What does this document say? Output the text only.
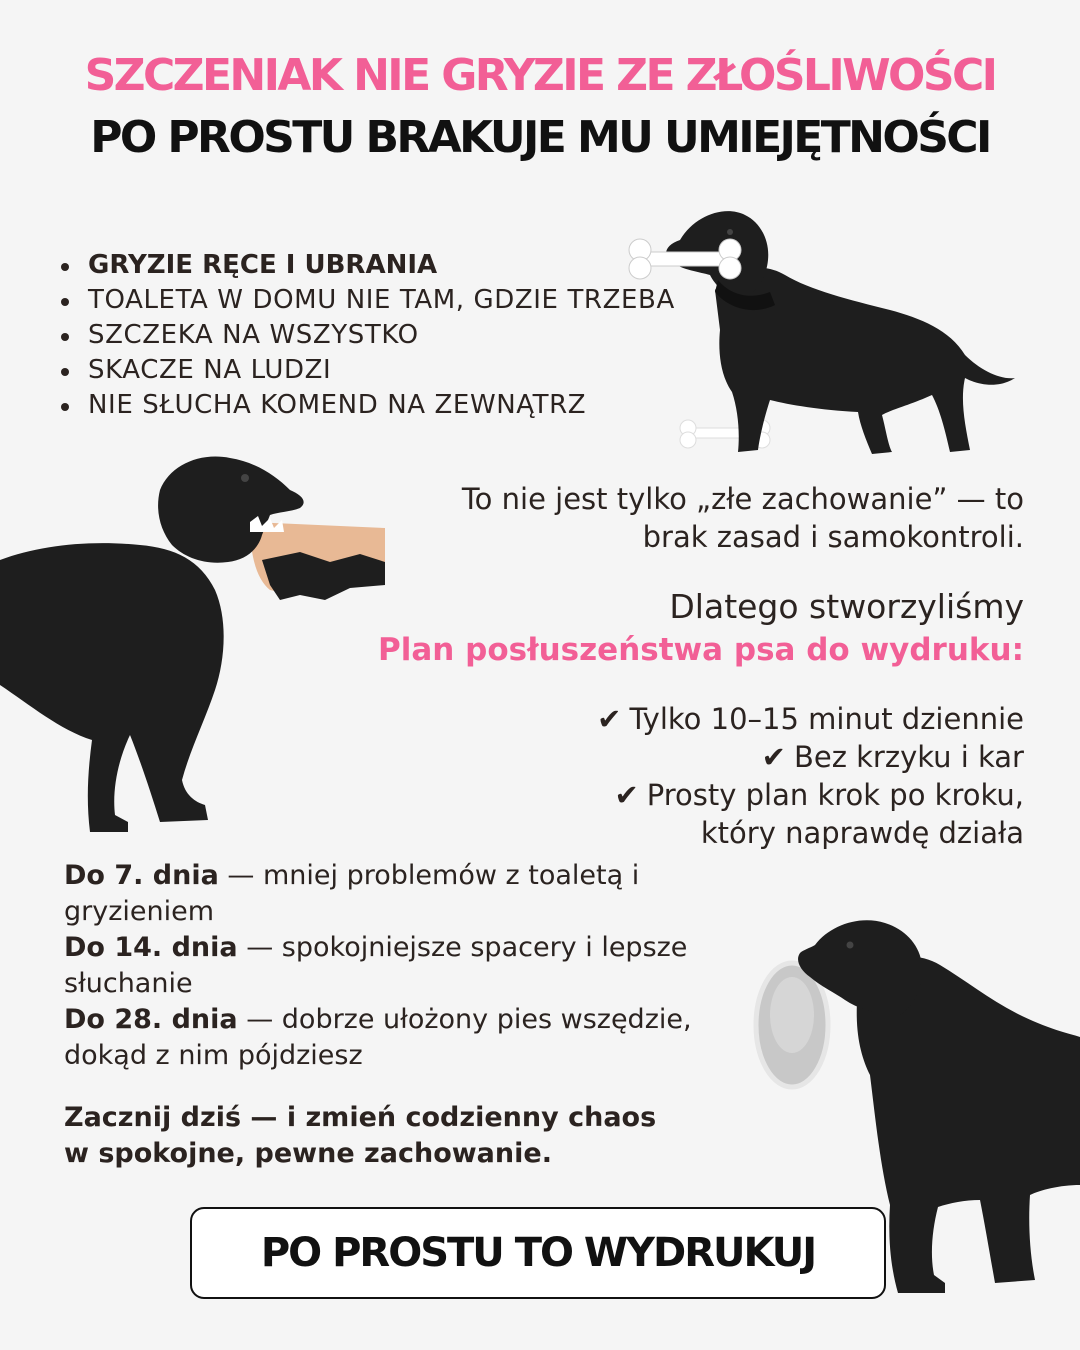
SZCZENIAK NIE GRYZIE ZE ZŁOŚLIWOŚCI
PO PROSTU BRAKUJE MU UMIEJĘTNOŚCI
GRYZIE RĘCE I UBRANIA
TOALETA W DOMU NIE TAM, GDZIE TRZEBA
SZCZEKA NA WSZYSTKO
SKACZE NA LUDZI
NIE SŁUCHA KOMEND NA ZEWNĄTRZ
To nie jest tylko „złe zachowanie” — to
brak zasad i samokontroli.
Dlatego stworzyliśmy
Plan posłuszeństwa psa do wydruku:
✔ Tylko 10–15 minut dziennie
✔ Bez krzyku i kar
✔ Prosty plan krok po kroku,
który naprawdę działa
Do 7. dnia — mniej problemów z toaletą i gryzieniem
Do 14. dnia — spokojniejsze spacery i lepsze słuchanie
Do 28. dnia — dobrze ułożony pies wszędzie, dokąd z nim pójdziesz
Zacznij dziś — i zmień codzienny chaos
w spokojne, pewne zachowanie.
PO PROSTU TO WYDRUKUJ
